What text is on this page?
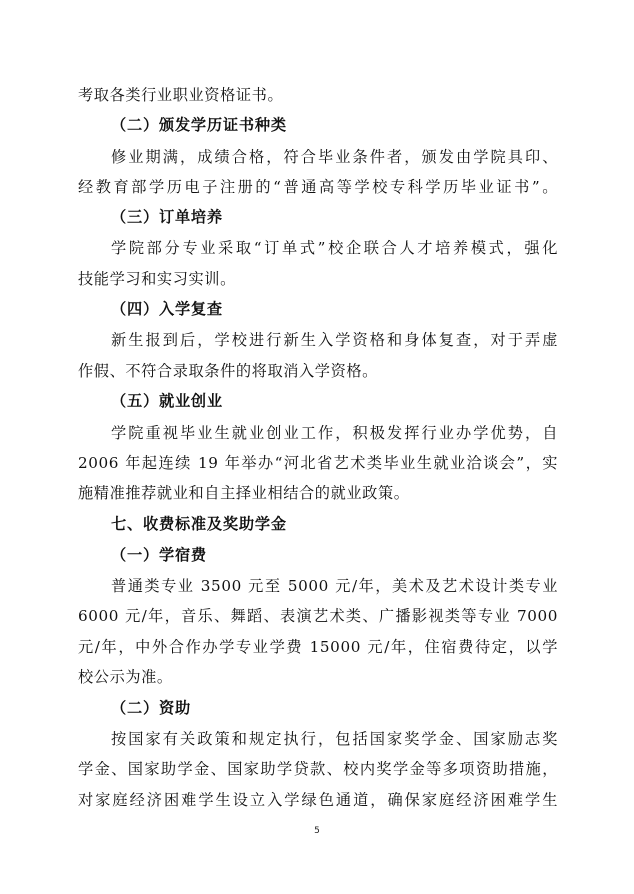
考取各类行业职业资格证书。
（二）颁发学历证书种类
修业期满，成绩合格，符合毕业条件者，颁发由学院具印、
经教育部学历电子注册的“普通高等学校专科学历毕业证书”。
（三）订单培养
学院部分专业采取“订单式”校企联合人才培养模式，强化
技能学习和实习实训。
（四）入学复查
新生报到后，学校进行新生入学资格和身体复查，对于弄虚
作假、不符合录取条件的将取消入学资格。
（五）就业创业
学院重视毕业生就业创业工作，积极发挥行业办学优势，自
2006 年起连续 19 年举办“河北省艺术类毕业生就业洽谈会”，实
施精准推荐就业和自主择业相结合的就业政策。
七、收费标准及奖助学金
（一）学宿费
普通类专业 3500 元至 5000 元/年，美术及艺术设计类专业
6000 元/年，音乐、舞蹈、表演艺术类、广播影视类等专业 7000
元/年，中外合作办学专业学费 15000 元/年，住宿费待定，以学
校公示为准。
（二）资助
按国家有关政策和规定执行，包括国家奖学金、国家励志奖
学金、国家助学金、国家助学贷款、校内奖学金等多项资助措施，
对家庭经济困难学生设立入学绿色通道，确保家庭经济困难学生
5
